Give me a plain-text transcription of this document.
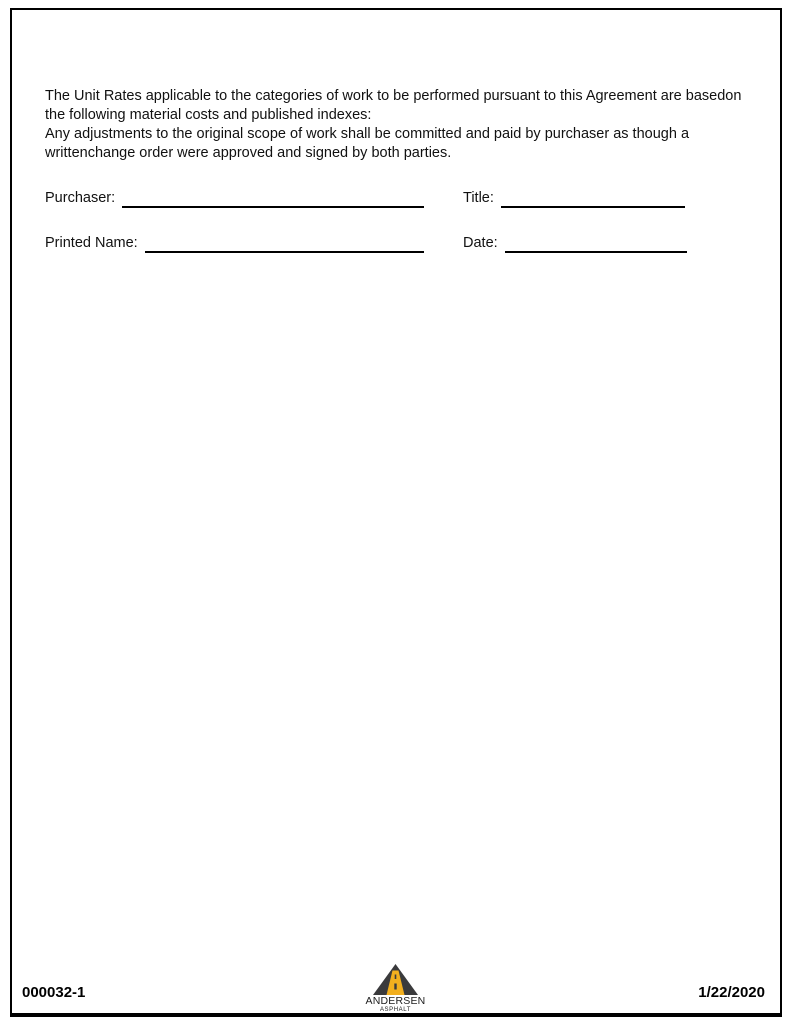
The Unit Rates applicable to the categories of work to be performed pursuant to this Agreement are basedon the following material costs and published indexes:

Any adjustments to the original scope of work shall be committed and paid by purchaser as though a writtenchange order were approved and signed by both parties.

Purchaser:	Title:
Printed Name:	Date:
000032-1	ANDERSEN
ASPHALT
1/22/2020
